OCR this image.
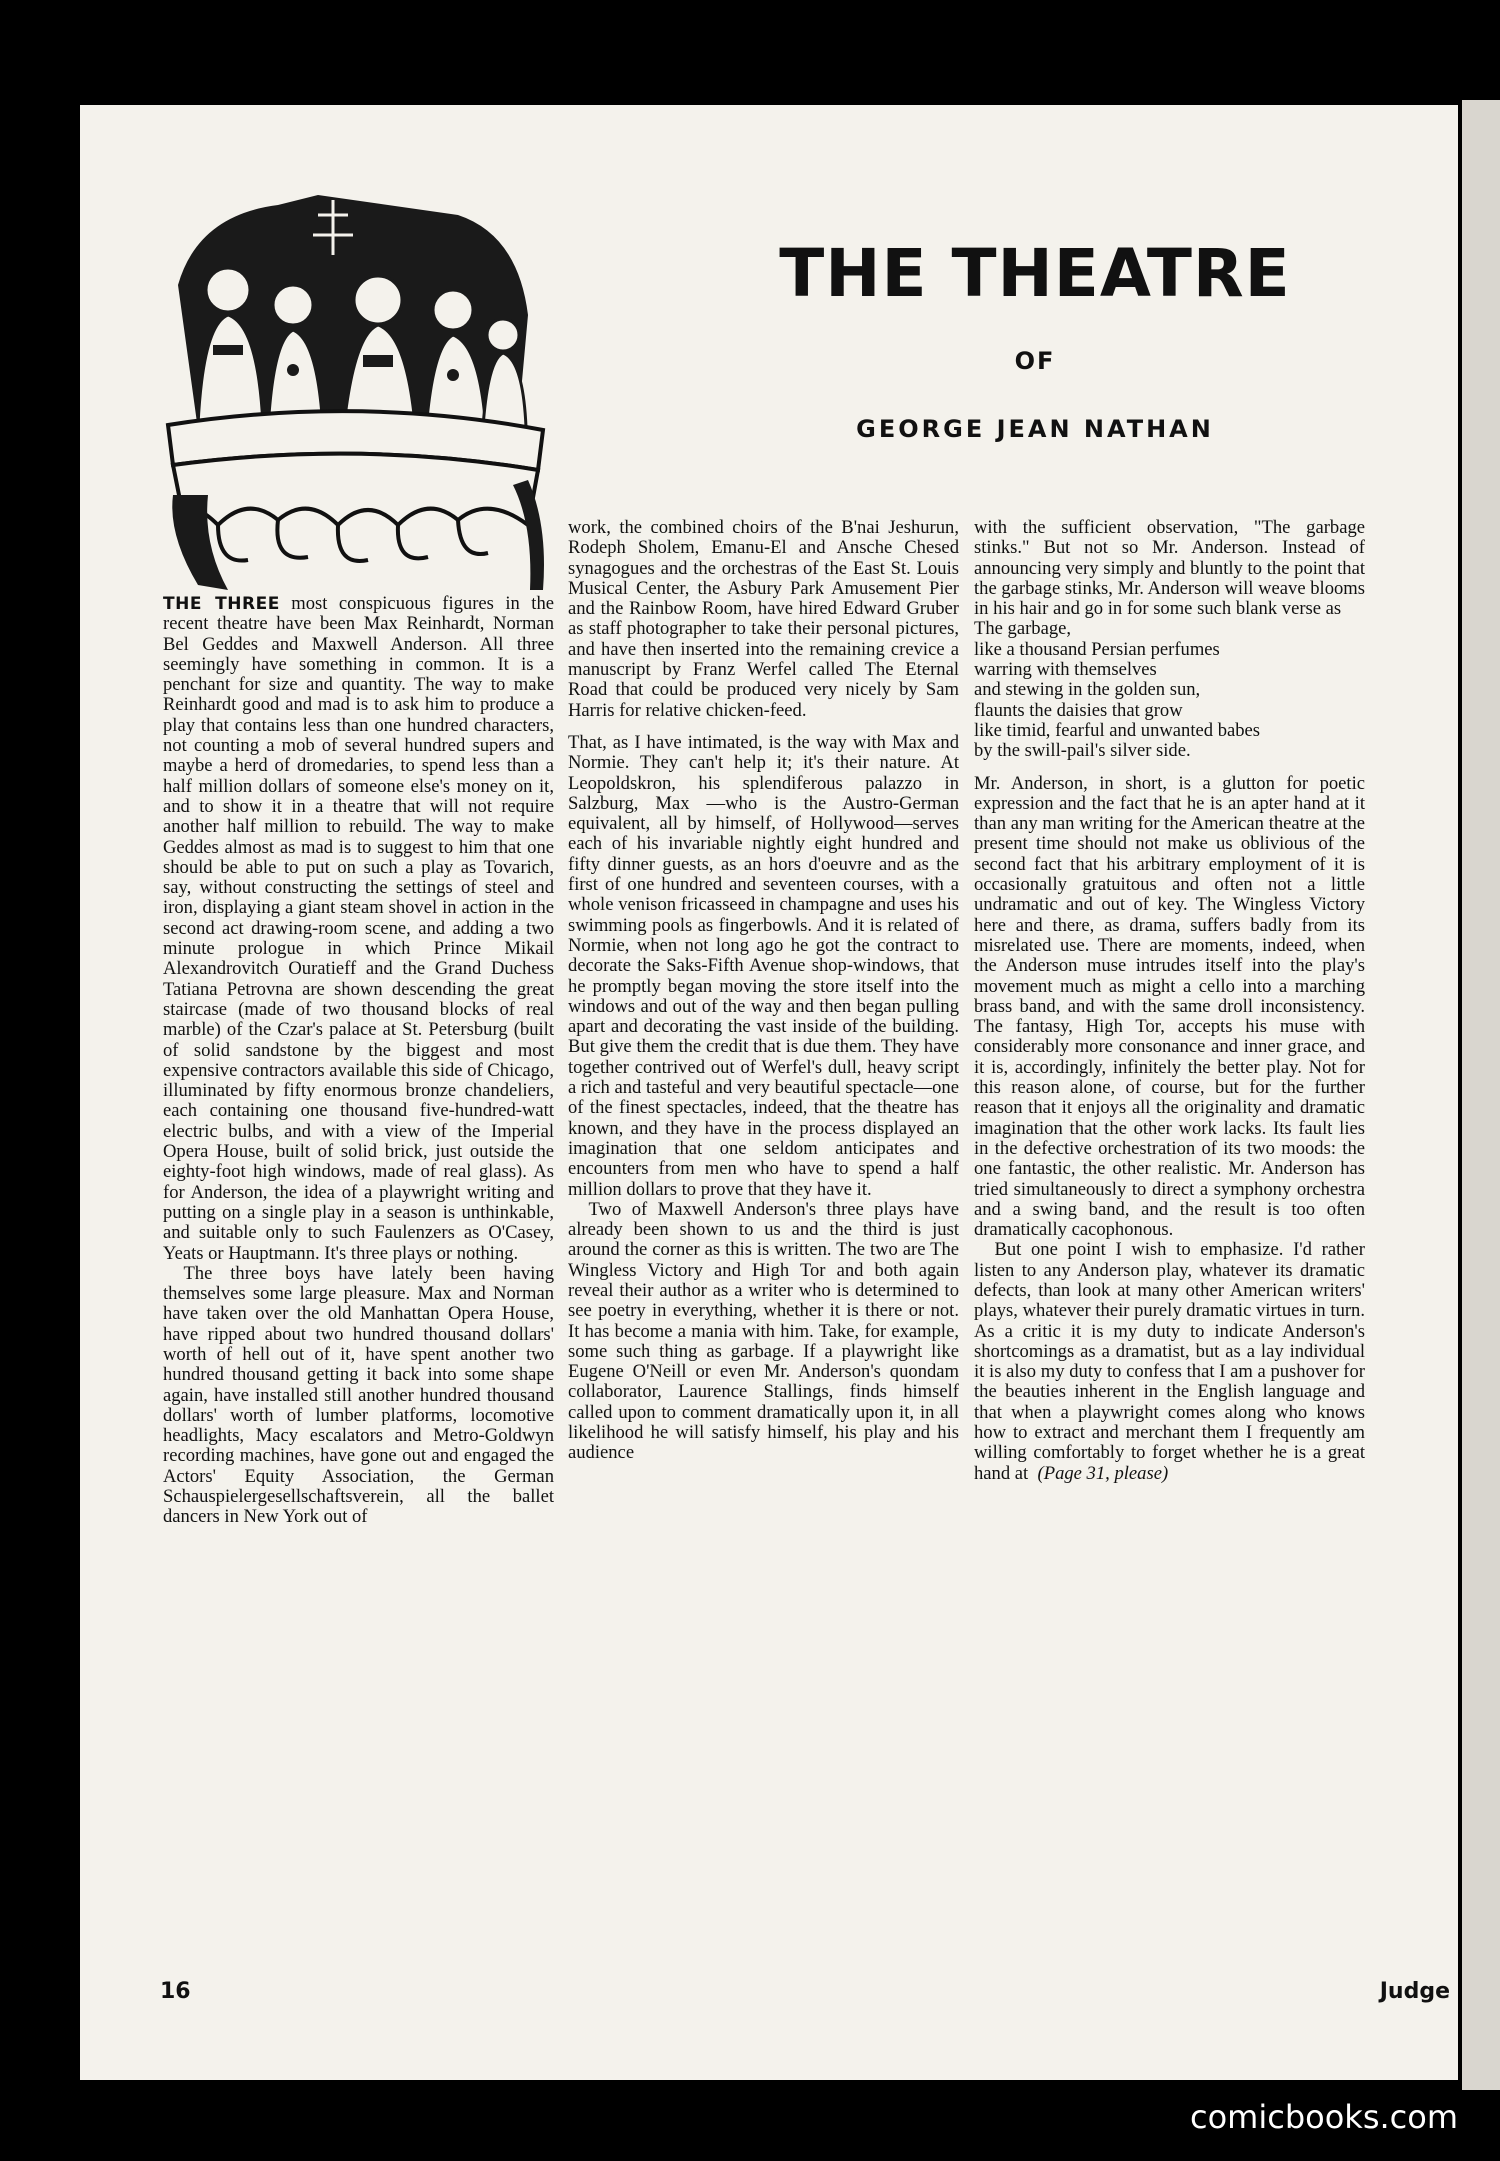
THE THEATRE
OF
GEORGE JEAN NATHAN

THE THREE most conspicuous figures in the recent theatre have been Max Reinhardt, Norman Bel Geddes and Maxwell Anderson. All three seemingly have something in common. It is a penchant for size and quantity. The way to make Reinhardt good and mad is to ask him to produce a play that contains less than one hundred characters, not counting a mob of several hundred supers and maybe a herd of dromedaries, to spend less than a half million dollars of someone else's money on it, and to show it in a theatre that will not require another half million to rebuild. The way to make Geddes almost as mad is to suggest to him that one should be able to put on such a play as Tovarich, say, without constructing the settings of steel and iron, displaying a giant steam shovel in action in the second act drawing-room scene, and adding a two minute prologue in which Prince Mikail Alexandrovitch Ouratieff and the Grand Duchess Tatiana Petrovna are shown descending the great staircase (made of two thousand blocks of real marble) of the Czar's palace at St. Petersburg (built of solid sandstone by the biggest and most expensive contractors available this side of Chicago, illuminated by fifty enormous bronze chandeliers, each containing one thousand five-hundred-watt electric bulbs, and with a view of the Imperial Opera House, built of solid brick, just outside the eighty-foot high windows, made of real glass). As for Anderson, the idea of a playwright writing and putting on a single play in a season is unthinkable, and suitable only to such Faulenzers as O'Casey, Yeats or Hauptmann. It's three plays or nothing.

The three boys have lately been having themselves some large pleasure. Max and Norman have taken over the old Manhattan Opera House, have ripped about two hundred thousand dollars' worth of hell out of it, have spent another two hundred thousand getting it back into some shape again, have installed still another hundred thousand dollars' worth of lumber platforms, locomotive headlights, Macy escalators and Metro-Goldwyn recording machines, have gone out and engaged the Actors' Equity Association, the German Schauspielergesellschaftsverein, all the ballet dancers in New York out of

work, the combined choirs of the B'nai Jeshurun, Rodeph Sholem, Emanu-El and Ansche Chesed synagogues and the orchestras of the East St. Louis Musical Center, the Asbury Park Amusement Pier and the Rainbow Room, have hired Edward Gruber as staff photographer to take their personal pictures, and have then inserted into the remaining crevice a manuscript by Franz Werfel called The Eternal Road that could be produced very nicely by Sam Harris for relative chicken-feed.

That, as I have intimated, is the way with Max and Normie. They can't help it; it's their nature. At Leopoldskron, his splendiferous palazzo in Salzburg, Max —who is the Austro-German equivalent, all by himself, of Hollywood—serves each of his invariable nightly eight hundred and fifty dinner guests, as an hors d'oeuvre and as the first of one hundred and seventeen courses, with a whole venison fricasseed in champagne and uses his swimming pools as fingerbowls. And it is related of Normie, when not long ago he got the contract to decorate the Saks-Fifth Avenue shop-windows, that he promptly began moving the store itself into the windows and out of the way and then began pulling apart and decorating the vast inside of the building. But give them the credit that is due them. They have together contrived out of Werfel's dull, heavy script a rich and tasteful and very beautiful spectacle—one of the finest spectacles, indeed, that the theatre has known, and they have in the process displayed an imagination that one seldom anticipates and encounters from men who have to spend a half million dollars to prove that they have it.

Two of Maxwell Anderson's three plays have already been shown to us and the third is just around the corner as this is written. The two are The Wingless Victory and High Tor and both again reveal their author as a writer who is determined to see poetry in everything, whether it is there or not. It has become a mania with him. Take, for example, some such thing as garbage. If a playwright like Eugene O'Neill or even Mr. Anderson's quondam collaborator, Laurence Stallings, finds himself called upon to comment dramatically upon it, in all likelihood he will satisfy himself, his play and his audience

with the sufficient observation, "The garbage stinks." But not so Mr. Anderson. Instead of announcing very simply and bluntly to the point that the garbage stinks, Mr. Anderson will weave blooms in his hair and go in for some such blank verse as

The garbage,

like a thousand Persian perfumes

warring with themselves

and stewing in the golden sun,

flaunts the daisies that grow

like timid, fearful and unwanted babes

by the swill-pail's silver side.

Mr. Anderson, in short, is a glutton for poetic expression and the fact that he is an apter hand at it than any man writing for the American theatre at the present time should not make us oblivious of the second fact that his arbitrary employment of it is occasionally gratuitous and often not a little undramatic and out of key. The Wingless Victory here and there, as drama, suffers badly from its misrelated use. There are moments, indeed, when the Anderson muse intrudes itself into the play's movement much as might a cello into a marching brass band, and with the same droll inconsistency. The fantasy, High Tor, accepts his muse with considerably more consonance and inner grace, and it is, accordingly, infinitely the better play. Not for this reason alone, of course, but for the further reason that it enjoys all the originality and dramatic imagination that the other work lacks. Its fault lies in the defective orchestration of its two moods: the one fantastic, the other realistic. Mr. Anderson has tried simultaneously to direct a symphony orchestra and a swing band, and the result is too often dramatically cacophonous.

But one point I wish to emphasize. I'd rather listen to any Anderson play, whatever its dramatic defects, than look at many other American writers' plays, whatever their purely dramatic virtues in turn. As a critic it is my duty to indicate Anderson's shortcomings as a dramatist, but as a lay individual it is also my duty to confess that I am a pushover for the beauties inherent in the English language and that when a playwright comes along who knows how to extract and merchant them I frequently am willing comfortably to forget whether he is a great hand at (Page 31, please)

16	Judge
comicbooks.com
